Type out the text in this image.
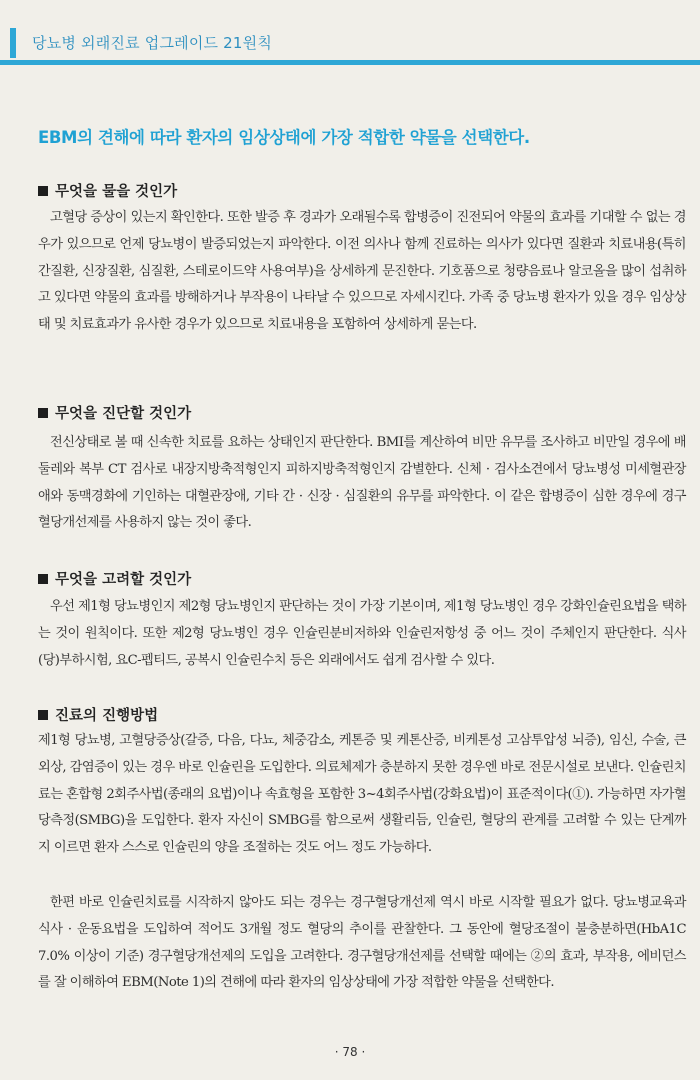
당뇨병 외래진료 업그레이드 21원칙
EBM의 견해에 따라 환자의 임상상태에 가장 적합한 약물을 선택한다.
무엇을 물을 것인가

고혈당 증상이 있는지 확인한다. 또한 발증 후 경과가 오래될수록 합병증이 진전되어 약물의 효과를 기대할 수 없는 경우가 있으므로 언제 당뇨병이 발증되었는지 파악한다. 이전 의사나 함께 진료하는 의사가 있다면 질환과 치료내용(특히 간질환, 신장질환, 심질환, 스테로이드약 사용여부)을 상세하게 문진한다. 기호품으로 청량음료나 알코올을 많이 섭취하고 있다면 약물의 효과를 방해하거나 부작용이 나타날 수 있으므로 자세시킨다. 가족 중 당뇨병 환자가 있을 경우 임상상태 및 치료효과가 유사한 경우가 있으므로 치료내용을 포함하여 상세하게 묻는다.

무엇을 진단할 것인가

전신상태로 볼 때 신속한 치료를 요하는 상태인지 판단한다. BMI를 계산하여 비만 유무를 조사하고 비만일 경우에 배 둘레와 복부 CT 검사로 내장지방축적형인지 피하지방축적형인지 감별한다. 신체 · 검사소견에서 당뇨병성 미세혈관장애와 동맥경화에 기인하는 대혈관장애, 기타 간 · 신장 · 심질환의 유무를 파악한다. 이 같은 합병증이 심한 경우에 경구혈당개선제를 사용하지 않는 것이 좋다.

무엇을 고려할 것인가

우선 제1형 당뇨병인지 제2형 당뇨병인지 판단하는 것이 가장 기본이며, 제1형 당뇨병인 경우 강화인슐린요법을 택하는 것이 원칙이다. 또한 제2형 당뇨병인 경우 인슐린분비저하와 인슐린저항성 중 어느 것이 주체인지 판단한다. 식사(당)부하시험, 요C-펩티드, 공복시 인슐린수치 등은 외래에서도 쉽게 검사할 수 있다.

진료의 진행방법

제1형 당뇨병, 고혈당증상(갈증, 다음, 다뇨, 체중감소, 케톤증 및 케톤산증, 비케톤성 고삼투압성 뇌증), 임신, 수술, 큰 외상, 감염증이 있는 경우 바로 인슐린을 도입한다. 의료체제가 충분하지 못한 경우엔 바로 전문시설로 보낸다. 인슐린치료는 혼합형 2회주사법(종래의 요법)이나 속효형을 포함한 3~4회주사법(강화요법)이 표준적이다(①). 가능하면 자가혈당측정(SMBG)을 도입한다. 환자 자신이 SMBG를 함으로써 생활리듬, 인슐린, 혈당의 관계를 고려할 수 있는 단계까지 이르면 환자 스스로 인슐린의 양을 조절하는 것도 어느 정도 가능하다.

한편 바로 인슐린치료를 시작하지 않아도 되는 경우는 경구혈당개선제 역시 바로 시작할 필요가 없다. 당뇨병교육과 식사 · 운동요법을 도입하여 적어도 3개월 정도 혈당의 추이를 관찰한다. 그 동안에 혈당조절이 불충분하면(HbA1C 7.0% 이상이 기준) 경구혈당개선제의 도입을 고려한다. 경구혈당개선제를 선택할 때에는 ②의 효과, 부작용, 에비던스를 잘 이해하여 EBM(Note 1)의 견해에 따라 환자의 임상상태에 가장 적합한 약물을 선택한다.

· 78 ·
